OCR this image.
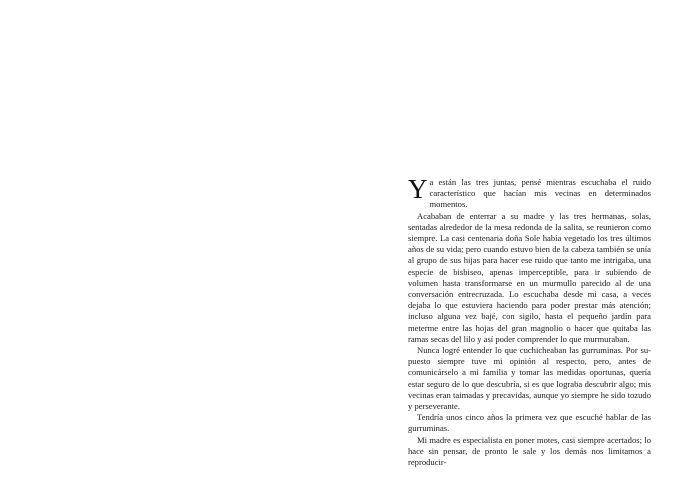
Y a están las tres juntas, pensé mientras escuchaba el ruido característico que hacían mis vecinas en determinados momentos.

Acababan de enterrar a su madre y las tres hermanas, solas, sentadas alrededor de la mesa redonda de la salita, se reunieron como siempre. La casi centenaria doña Sole había vegetado los tres últimos años de su vida; pero cuando estuvo bien de la cabeza también se unía al grupo de sus hijas para hacer ese ruido que tanto me intrigaba, una especie de bisbiseo, apenas imperceptible, para ir subiendo de volumen hasta transformarse en un murmullo parecido al de una conversación entrecruzada. Lo escuchaba desde mi casa, a veces dejaba lo que estuviera haciendo para poder prestar más atención; incluso alguna vez bajé, con sigilo, hasta el pequeño jardín para meterme entre las hojas del gran magnolio o hacer que quitaba las ramas secas del lilo y así poder comprender lo que murmuraban.

Nunca logré entender lo que cuchicheaban las gurruminas. Por supuesto siempre tuve mi opinión al respecto, pero, antes de comunicárselo a mi familia y tomar las medidas oportunas, quería estar seguro de lo que descubría, si es que lograba descubrir algo; mis vecinas eran taimadas y precavidas, aunque yo siempre he sido tozudo y perseverante.

Tendría unos cinco años la primera vez que escuché hablar de las gurruminas.

Mi madre es especialista en poner motes, casi siempre acertados; lo hace sin pensar, de pronto le sale y los demás nos limitamos a reproducir-
